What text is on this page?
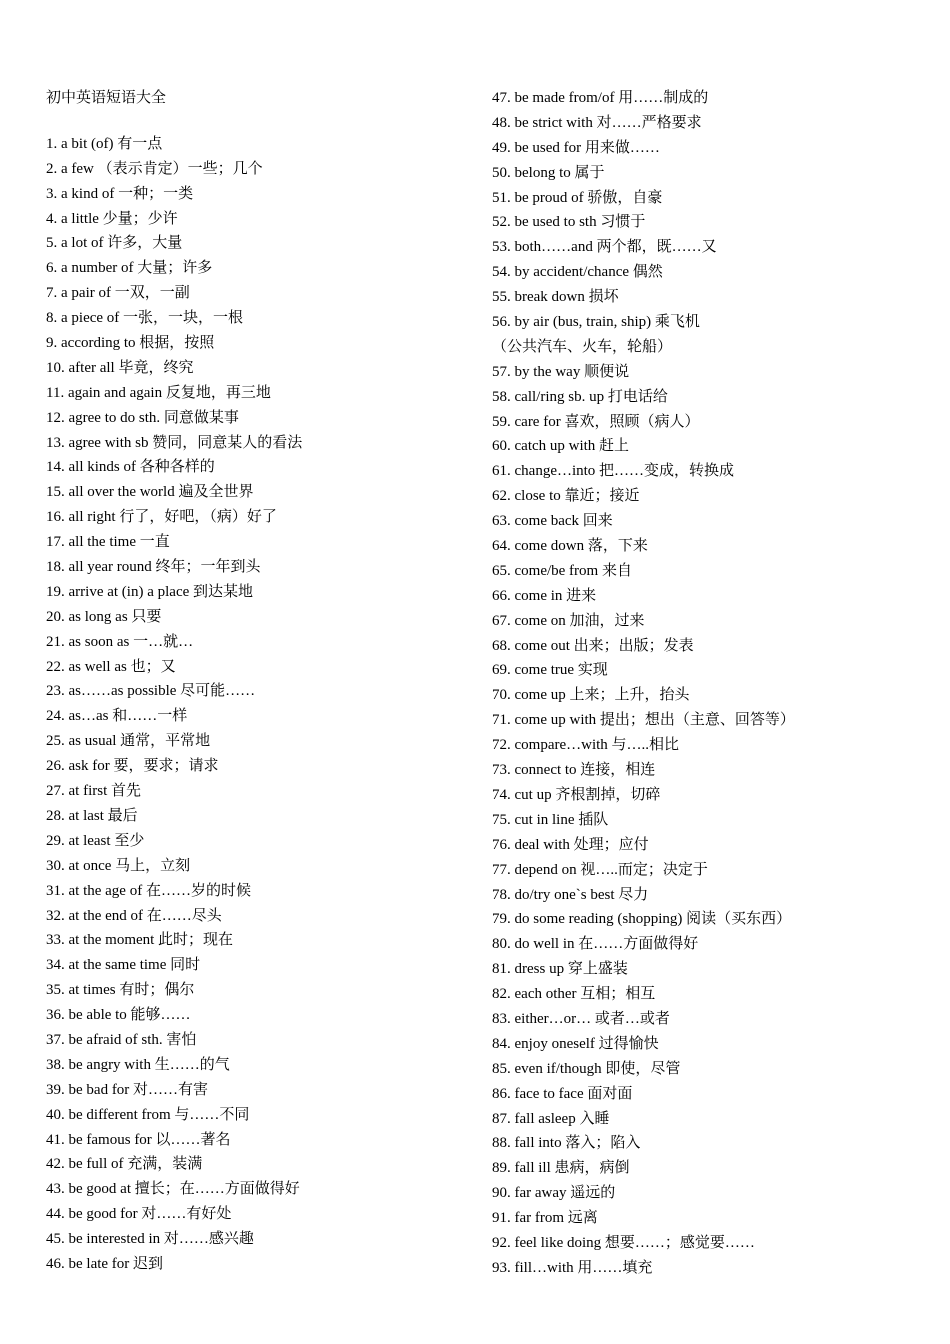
初中英语短语大全
1. a bit (of) 有一点
2. a few （表示肯定）一些；几个
3. a kind of 一种；一类
4. a little 少量；少许
5. a lot of 许多，大量
6. a number of 大量；许多
7. a pair of 一双，一副
8. a piece of 一张，一块，一根
9. according to 根据，按照
10. after all 毕竟，终究
11. again and again 反复地，再三地
12. agree to do sth. 同意做某事
13. agree with sb 赞同，同意某人的看法
14. all kinds of 各种各样的
15. all over the world 遍及全世界
16. all right 行了，好吧，（病）好了
17. all the time 一直
18. all year round 终年；一年到头
19. arrive at (in) a place 到达某地
20. as long as 只要
21. as soon as 一…就…
22. as well as 也；又
23. as……as possible 尽可能……
24. as…as 和……一样
25. as usual 通常，平常地
26. ask for 要，要求；请求
27. at first 首先
28. at last 最后
29. at least 至少
30. at once 马上，立刻
31. at the age of 在……岁的时候
32. at the end of 在……尽头
33. at the moment 此时；现在
34. at the same time 同时
35. at times 有时；偶尔
36. be able to 能够……
37. be afraid of sth. 害怕
38. be angry with 生……的气
39. be bad for 对……有害
40. be different from 与……不同
41. be famous for 以……著名
42. be full of 充满，装满
43. be good at 擅长；在……方面做得好
44. be good for 对……有好处
45. be interested in 对……感兴趣
46. be late for 迟到
47. be made from/of 用……制成的
48. be strict with 对……严格要求
49. be used for 用来做……
50. belong to 属于
51. be proud of 骄傲，自豪
52. be used to sth 习惯于
53. both……and 两个都，既……又
54. by accident/chance 偶然
55. break down 损坏
56. by air (bus, train, ship) 乘飞机
（公共汽车、火车，轮船）
57. by the way 顺便说
58. call/ring sb. up 打电话给
59. care for 喜欢，照顾（病人）
60. catch up with 赶上
61. change…into 把……变成，转换成
62. close to 靠近；接近
63. come back 回来
64. come down 落，下来
65. come/be from 来自
66. come in 进来
67. come on 加油，过来
68. come out 出来；出版；发表
69. come true 实现
70. come up 上来；上升，抬头
71. come up with 提出；想出（主意、回答等）
72. compare…with 与…..相比
73. connect to 连接，相连
74. cut up 齐根割掉，切碎
75. cut in line 插队
76. deal with 处理；应付
77. depend on 视…..而定；决定于
78. do/try one`s best 尽力
79. do some reading (shopping) 阅读（买东西）
80. do well in 在……方面做得好
81. dress up 穿上盛装
82. each other 互相；相互
83. either…or… 或者…或者
84. enjoy oneself 过得愉快
85. even if/though 即使，尽管
86. face to face 面对面
87. fall asleep 入睡
88. fall into 落入；陷入
89. fall ill 患病，病倒
90. far away 遥远的
91. far from 远离
92. feel like doing 想要……；感觉要……
93. fill…with 用……填充
